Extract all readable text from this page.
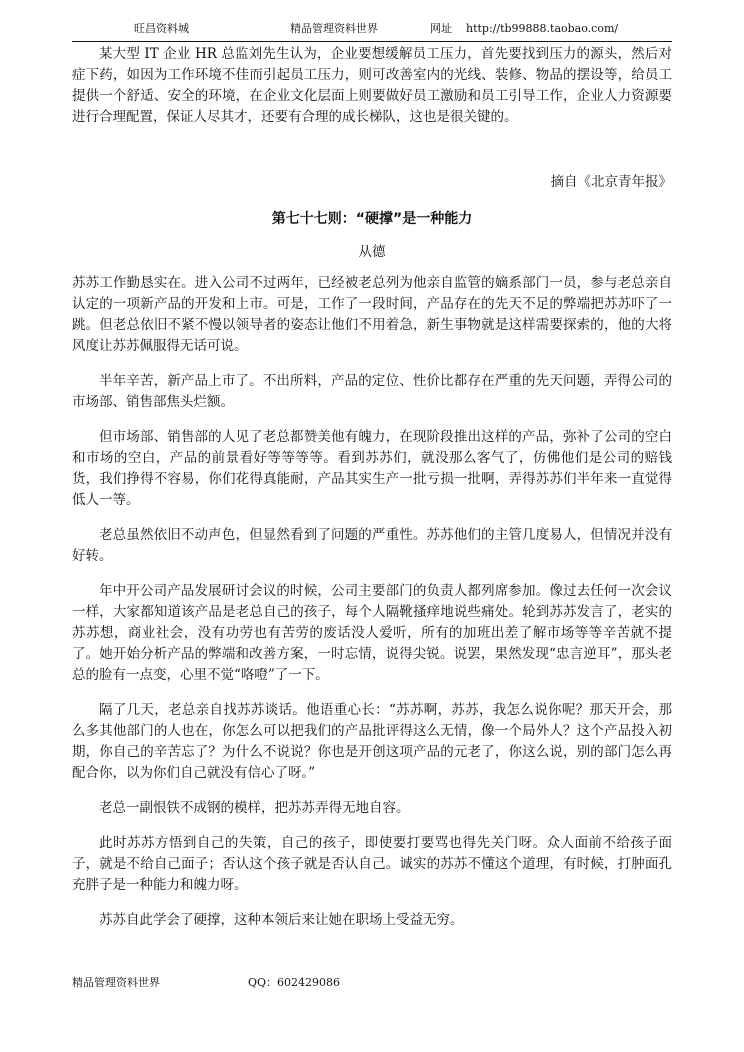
旺昌资料城	精品管理资料世界	网址 http://tb99888.taobao.com/

某大型 IT 企业 HR 总监刘先生认为，企业要想缓解员工压力，首先要找到压力的源头，然后对症下药，如因为工作环境不佳而引起员工压力，则可改善室内的光线、装修、物品的摆设等，给员工提供一个舒适、安全的环境，在企业文化层面上则要做好员工激励和员工引导工作，企业人力资源要进行合理配置，保证人尽其才，还要有合理的成长梯队，这也是很关键的。

摘自《北京青年报》

第七十七则：“硬撑”是一种能力

从德

苏苏工作勤恳实在。进入公司不过两年，已经被老总列为他亲自监管的嫡系部门一员，参与老总亲自认定的一项新产品的开发和上市。可是，工作了一段时间，产品存在的先天不足的弊端把苏苏吓了一跳。但老总依旧不紧不慢以领导者的姿态让他们不用着急，新生事物就是这样需要探索的，他的大将风度让苏苏佩服得无话可说。

半年辛苦，新产品上市了。不出所料，产品的定位、性价比都存在严重的先天问题，弄得公司的市场部、销售部焦头烂额。

但市场部、销售部的人见了老总都赞美他有魄力，在现阶段推出这样的产品，弥补了公司的空白和市场的空白，产品的前景看好等等等等。看到苏苏们，就没那么客气了，仿佛他们是公司的赔钱货，我们挣得不容易，你们花得真能耐，产品其实生产一批亏损一批啊，弄得苏苏们半年来一直觉得低人一等。

老总虽然依旧不动声色，但显然看到了问题的严重性。苏苏他们的主管几度易人，但情况并没有好转。

年中开公司产品发展研讨会议的时候，公司主要部门的负责人都列席参加。像过去任何一次会议一样，大家都知道该产品是老总自己的孩子，每个人隔靴搔痒地说些痛处。轮到苏苏发言了，老实的苏苏想，商业社会，没有功劳也有苦劳的废话没人爱听，所有的加班出差了解市场等等辛苦就不提了。她开始分析产品的弊端和改善方案，一时忘情，说得尖锐。说罢，果然发现“忠言逆耳”，那头老总的脸有一点变，心里不觉“咯噔”了一下。

隔了几天，老总亲自找苏苏谈话。他语重心长：“苏苏啊，苏苏，我怎么说你呢？那天开会，那么多其他部门的人也在，你怎么可以把我们的产品批评得这么无情，像一个局外人？这个产品投入初期，你自己的辛苦忘了？为什么不说说？你也是开创这项产品的元老了，你这么说，别的部门怎么再配合你，以为你们自己就没有信心了呀。”

老总一副恨铁不成钢的模样，把苏苏弄得无地自容。

此时苏苏方悟到自己的失策，自己的孩子，即使要打要骂也得先关门呀。众人面前不给孩子面子，就是不给自己面子；否认这个孩子就是否认自己。诚实的苏苏不懂这个道理，有时候，打肿面孔充胖子是一种能力和魄力呀。

苏苏自此学会了硬撑，这种本领后来让她在职场上受益无穷。

精品管理资料世界	QQ：602429086
